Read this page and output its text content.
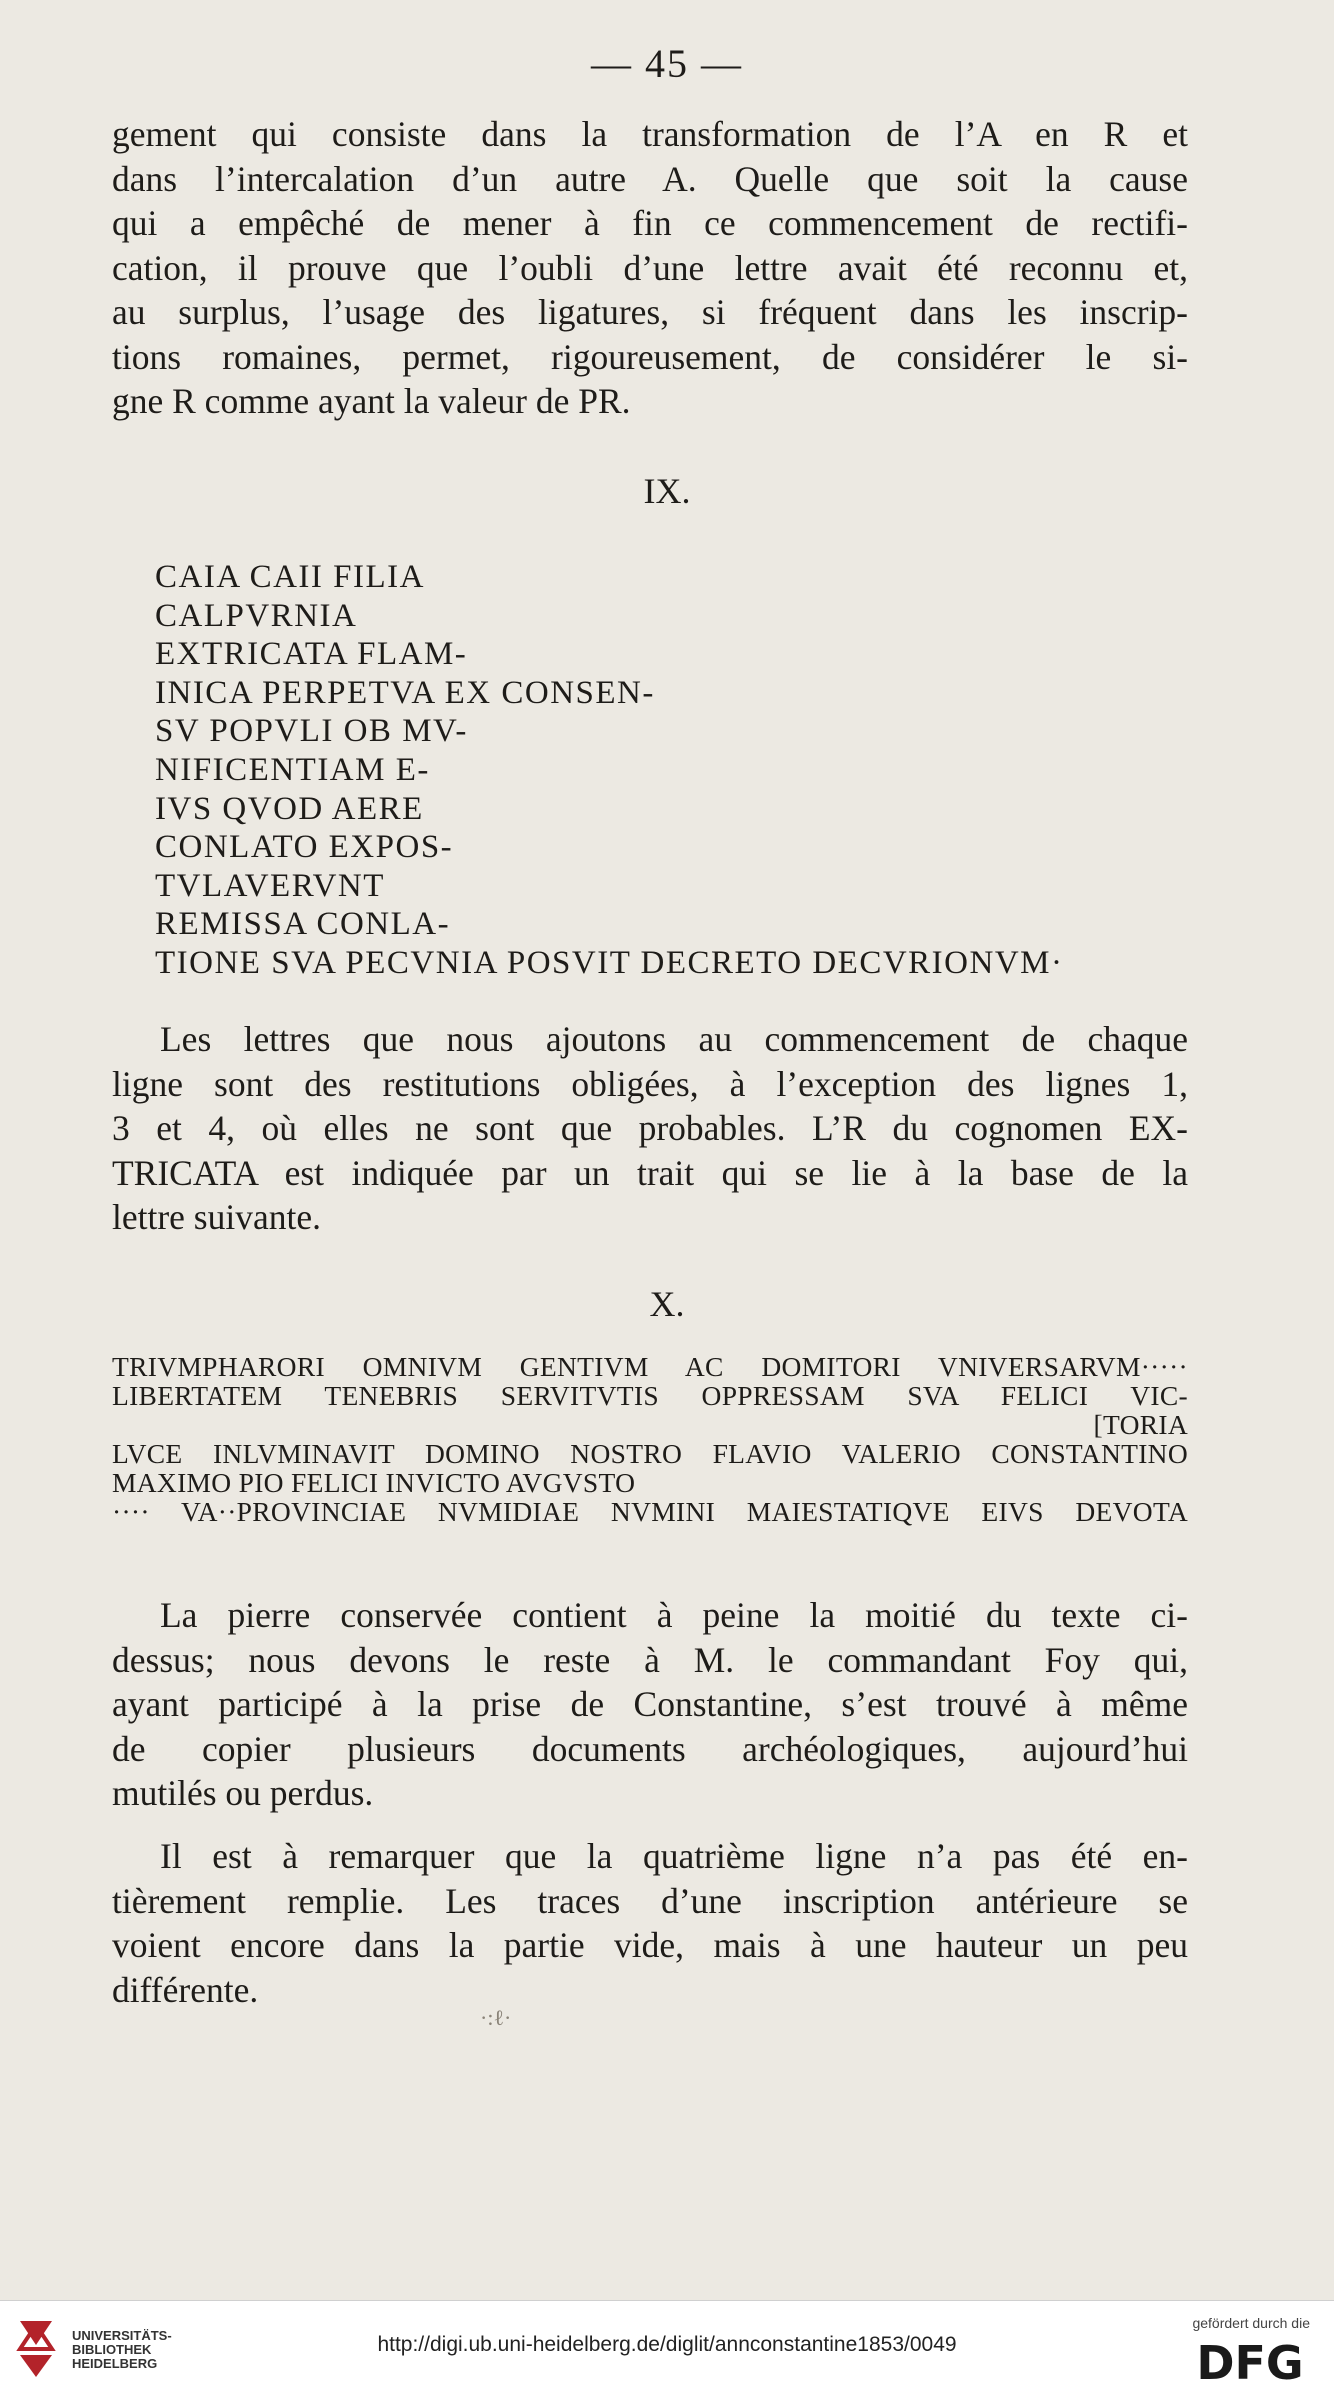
— 45 —

gement qui consiste dans la transformation de l’A en R et
dans l’intercalation d’un autre A. Quelle que soit la cause
qui a empêché de mener à fin ce commencement de rectifi-
cation, il prouve que l’oubli d’une lettre avait été reconnu et,
au surplus, l’usage des ligatures, si fréquent dans les inscrip-
tions romaines, permet, rigoureusement, de considérer le si-
gne R comme ayant la valeur de PR.

IX.
CAIA CAII FILIA
CALPVRNIA
EXTRICATA FLAM-
INICA PERPETVA EX CONSEN-
SV POPVLI OB MV-
NIFICENTIAM E-
IVS QVOD AERE
CONLATO EXPOS-
TVLAVERVNT
REMISSA CONLA-
TIONE SVA PECVNIA POSVIT DECRETO DECVRIONVM·

Les lettres que nous ajoutons au commencement de chaque
ligne sont des restitutions obligées, à l’exception des lignes 1,
3 et 4, où elles ne sont que probables. L’R du cognomen EX-
TRICATA est indiquée par un trait qui se lie à la base de la
lettre suivante.

X.
TRIVMPHARORI OMNIVM GENTIVM AC DOMITORI VNIVERSARVM·····
LIBERTATEM TENEBRIS SERVITVTIS OPPRESSAM SVA FELICI VIC-
[TORIA
LVCE INLVMINAVIT DOMINO NOSTRO FLAVIO VALERIO CONSTANTINO
MAXIMO PIO FELICI INVICTO AVGVSTO
···· VA··PROVINCIAE NVMIDIAE NVMINI MAIESTATIQVE EIVS DEVOTA

La pierre conservée contient à peine la moitié du texte ci-
dessus; nous devons le reste à M. le commandant Foy qui,
ayant participé à la prise de Constantine, s’est trouvé à même
de copier plusieurs documents archéologiques, aujourd’hui
mutilés ou perdus.

Il est à remarquer que la quatrième ligne n’a pas été en-
tièrement remplie. Les traces d’une inscription antérieure se
voient encore dans la partie vide, mais à une hauteur un peu
différente.

·:ℓ·
UNIVERSITÄTS-
BIBLIOTHEK
HEIDELBERG
http://digi.ub.uni-heidelberg.de/diglit/annconstantine1853/0049
gefördert durch die
DFG
